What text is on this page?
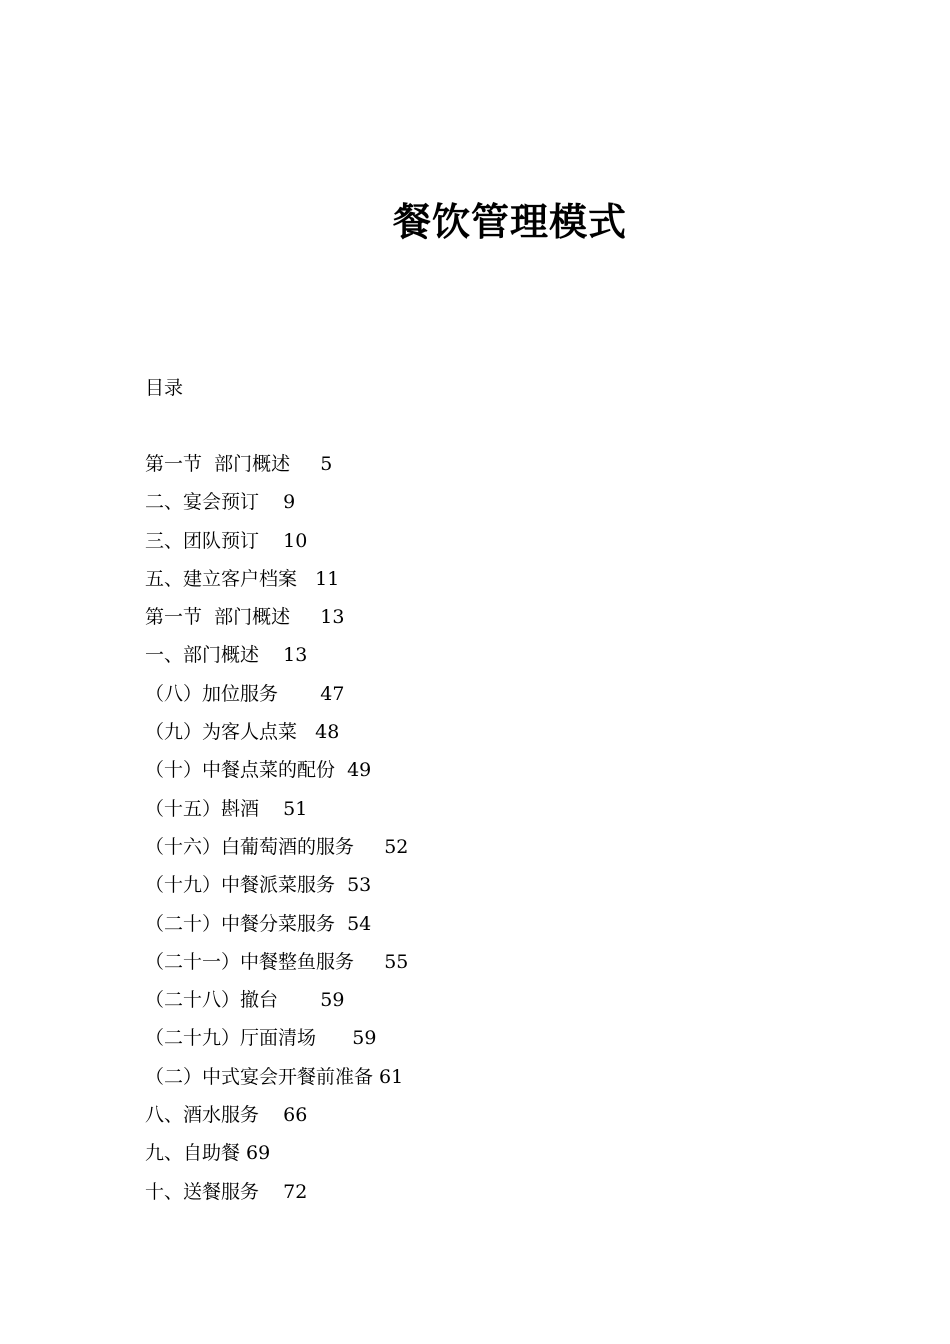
餐饮管理模式
目录
第一节  部门概述     5
二、宴会预订    9
三、团队预订    10
五、建立客户档案   11
第一节  部门概述     13
一、部门概述    13
（八）加位服务       47
（九）为客人点菜   48
（十）中餐点菜的配份  49
（十五）斟酒    51
（十六）白葡萄酒的服务     52
（十九）中餐派菜服务  53
（二十）中餐分菜服务  54
（二十一）中餐整鱼服务     55
（二十八）撤台       59
（二十九）厅面清场      59
（二）中式宴会开餐前准备 61
八、酒水服务    66
九、自助餐 69
十、送餐服务    72
